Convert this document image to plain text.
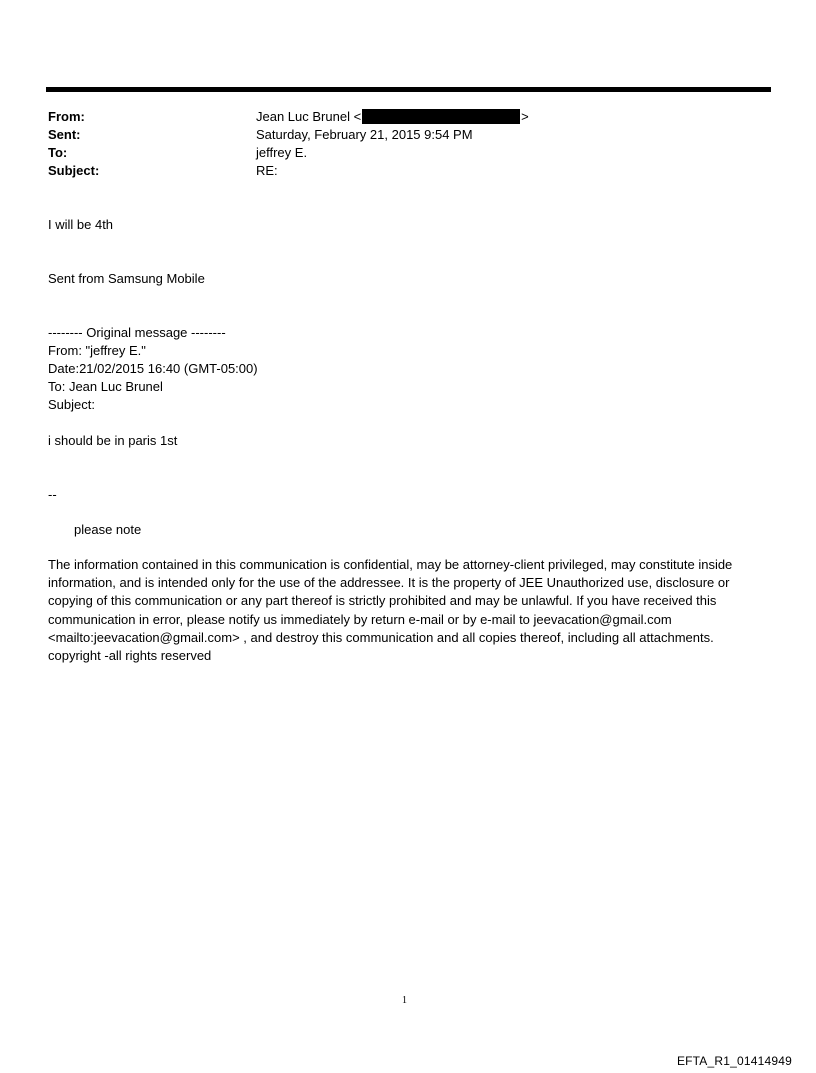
From:	Jean Luc Brunel <	>
Sent:	Saturday, February 21, 2015 9:54 PM
To:	jeffrey E.
Subject:	RE:
I will be 4th
Sent from Samsung Mobile
-------- Original message --------
From: "jeffrey E."
Date:21/02/2015 16:40 (GMT-05:00)
To: Jean Luc Brunel
Subject:
i should be in paris 1st
--
please note
The information contained in this communication is confidential, may be attorney-client privileged, may constitute inside information, and is intended only for the use of the addressee. It is the property of JEE Unauthorized use, disclosure or copying of this communication or any part thereof is strictly prohibited and may be unlawful. If you have received this communication in error, please notify us immediately by return e-mail or by e-mail to jeevacation@gmail.com <mailto:jeevacation@gmail.com> , and destroy this communication and all copies thereof, including all attachments. copyright -all rights reserved
1
EFTA_R1_01414949
